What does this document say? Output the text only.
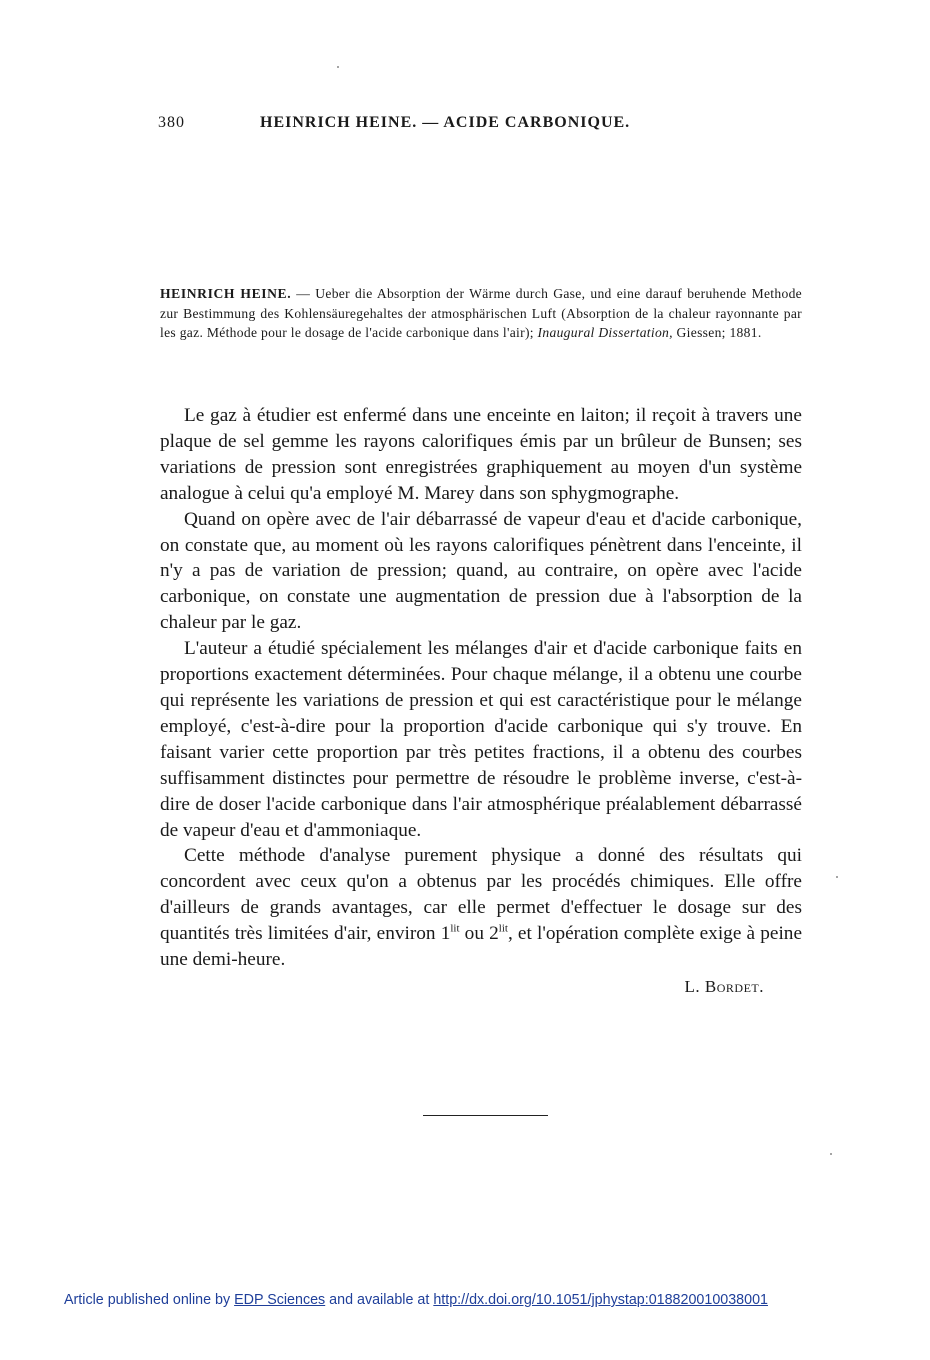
380	HEINRICH HEINE. — ACIDE CARBONIQUE.
HEINRICH HEINE. — Ueber die Absorption der Wärme durch Gase, und eine darauf beruhende Methode zur Bestimmung des Kohlensäuregehaltes der atmosphärischen Luft (Absorption de la chaleur rayonnante par les gaz. Méthode pour le dosage de l'acide carbonique dans l'air); Inaugural Dissertation, Giessen; 1881.

Le gaz à étudier est enfermé dans une enceinte en laiton; il reçoit à travers une plaque de sel gemme les rayons calorifiques émis par un brûleur de Bunsen; ses variations de pression sont enregistrées graphiquement au moyen d'un système analogue à celui qu'a employé M. Marey dans son sphygmographe.

Quand on opère avec de l'air débarrassé de vapeur d'eau et d'acide carbonique, on constate que, au moment où les rayons calorifiques pénètrent dans l'enceinte, il n'y a pas de variation de pression; quand, au contraire, on opère avec l'acide carbonique, on constate une augmentation de pression due à l'absorption de la chaleur par le gaz.

L'auteur a étudié spécialement les mélanges d'air et d'acide carbonique faits en proportions exactement déterminées. Pour chaque mélange, il a obtenu une courbe qui représente les variations de pression et qui est caractéristique pour le mélange employé, c'est-à-dire pour la proportion d'acide carbonique qui s'y trouve. En faisant varier cette proportion par très petites fractions, il a obtenu des courbes suffisamment distinctes pour permettre de résoudre le problème inverse, c'est-à-dire de doser l'acide carbonique dans l'air atmosphérique préalablement débarrassé de vapeur d'eau et d'ammoniaque.

Cette méthode d'analyse purement physique a donné des résultats qui concordent avec ceux qu'on a obtenus par les procédés chimiques. Elle offre d'ailleurs de grands avantages, car elle permet d'effectuer le dosage sur des quantités très limitées d'air, environ $1^{lit}$ ou $2^{lit}$, et l'opération complète exige à peine une demi-heure.

L. Bordet.
Article published online by EDP Sciences and available at http://dx.doi.org/10.1051/jphystap:018820010038001
